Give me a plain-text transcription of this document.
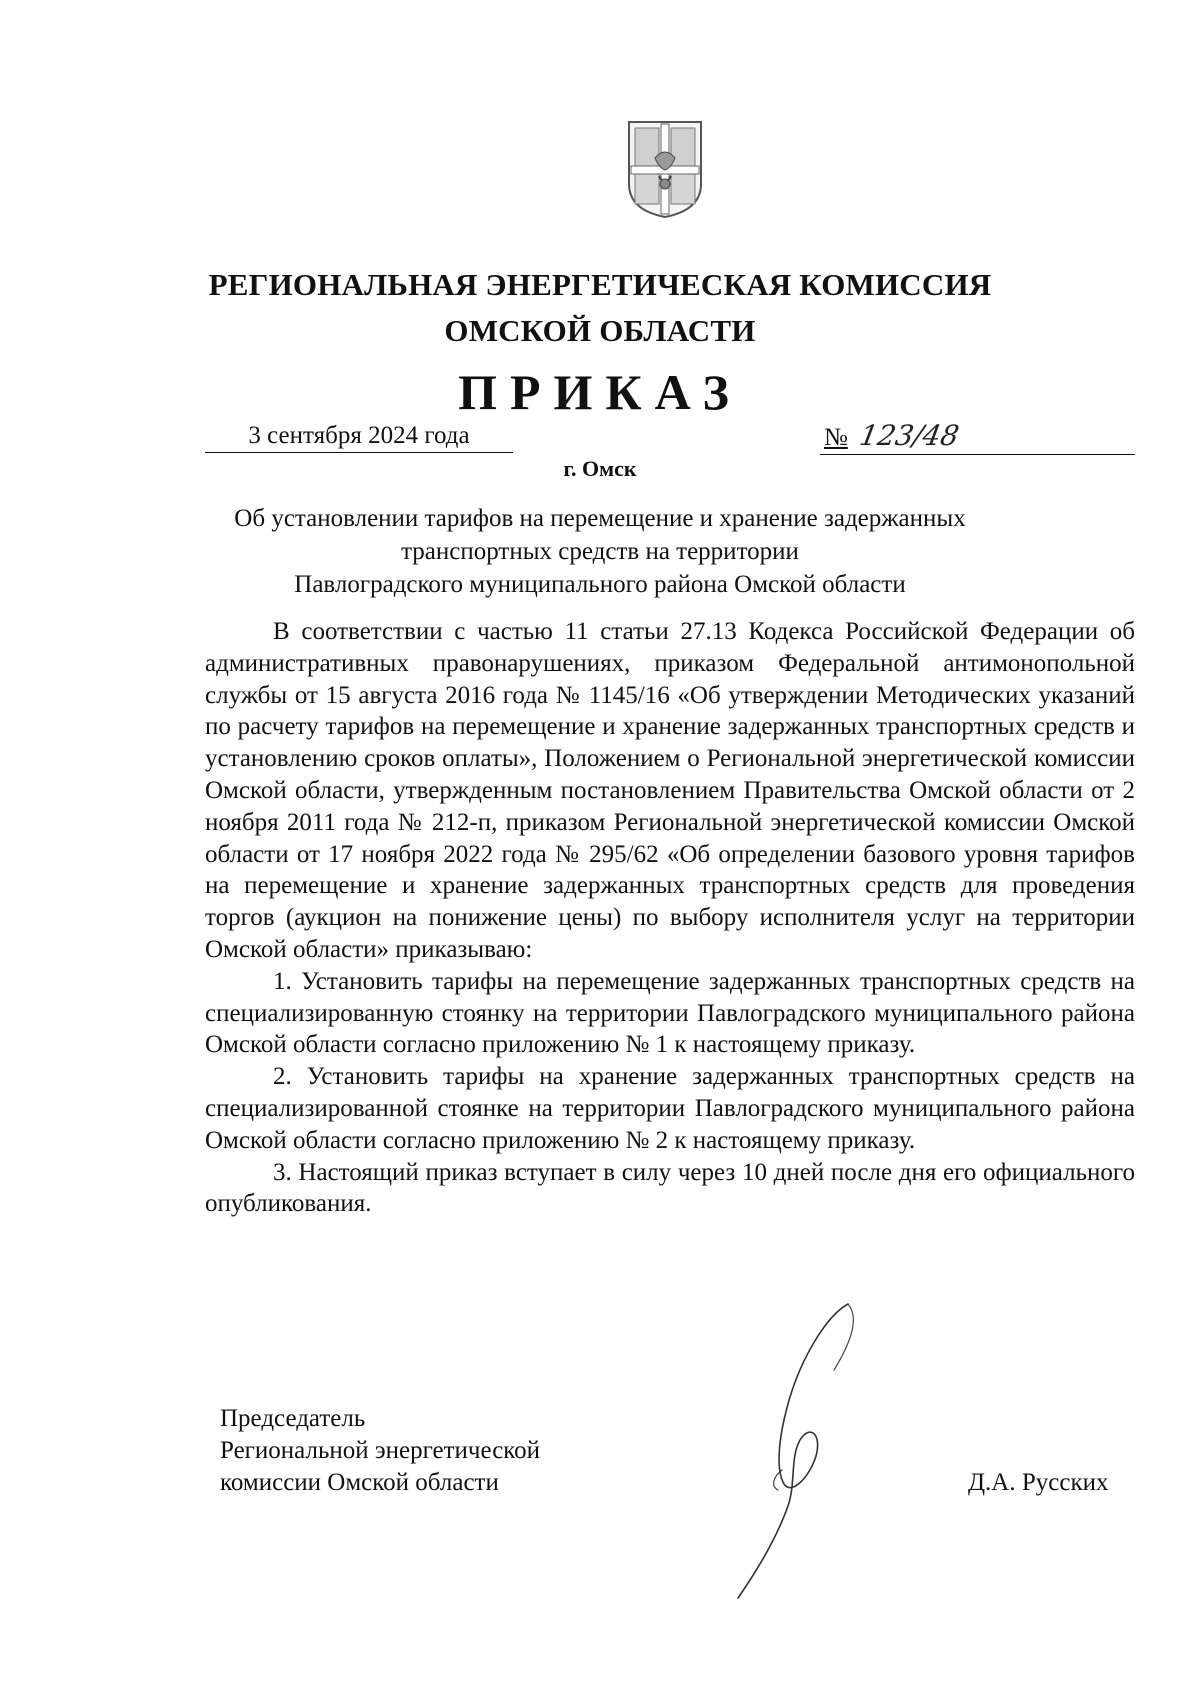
РЕГИОНАЛЬНАЯ ЭНЕРГЕТИЧЕСКАЯ КОМИССИЯ
ОМСКОЙ ОБЛАСТИ
ПРИКАЗ
3 сентября 2024 года	№ 123/48
г. Омск
Об установлении тарифов на перемещение и хранение задержанных
транспортных средств на территории
Павлоградского муниципального района Омской области

В соответствии с частью 11 статьи 27.13 Кодекса Российской Федерации об административных правонарушениях, приказом Федеральной антимонопольной службы от 15 августа 2016 года № 1145/16 «Об утверждении Методических указаний по расчету тарифов на перемещение и хранение задержанных транспортных средств и установлению сроков оплаты», Положением о Региональной энергетической комиссии Омской области, утвержденным постановлением Правительства Омской области от 2 ноября 2011 года № 212-п, приказом Региональной энергетической комиссии Омской области от 17 ноября 2022 года № 295/62 «Об определении базового уровня тарифов на перемещение и хранение задержанных транспортных средств для проведения торгов (аукцион на понижение цены) по выбору исполнителя услуг на территории Омской области» приказываю:

1. Установить тарифы на перемещение задержанных транспортных средств на специализированную стоянку на территории Павлоградского муниципального района Омской области согласно приложению № 1 к настоящему приказу.

2. Установить тарифы на хранение задержанных транспортных средств на специализированной стоянке на территории Павлоградского муниципального района Омской области согласно приложению № 2 к настоящему приказу.

3. Настоящий приказ вступает в силу через 10 дней после дня его официального опубликования.

Председатель
Региональной энергетической
комиссии Омской области	Д.А. Русских
